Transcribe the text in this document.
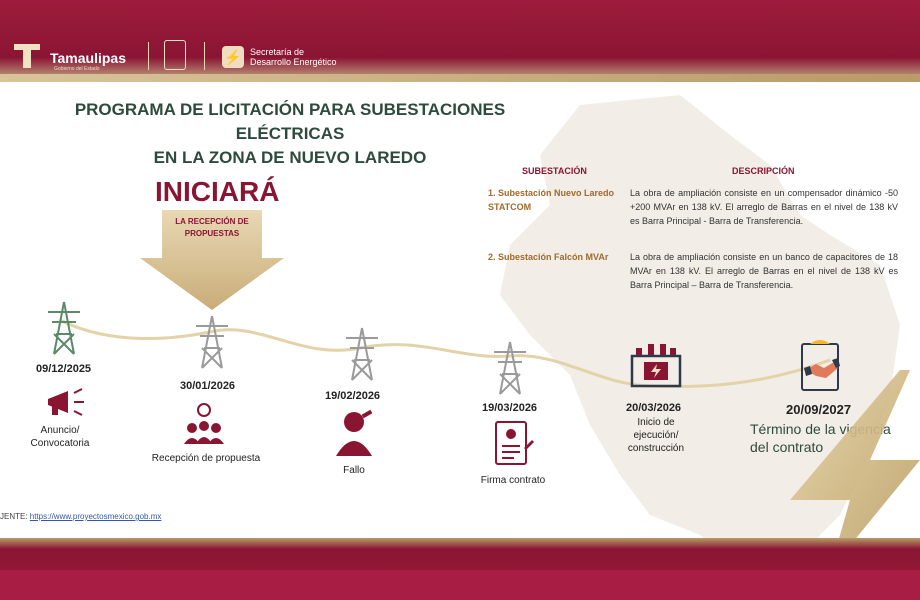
Tamaulipas
Gobierno del Estado
⚡ Secretaría de
Desarrollo Energético
PROGRAMA DE LICITACIÓN PARA SUBESTACIONES ELÉCTRICAS
EN LA ZONA DE NUEVO LAREDO
SUBESTACIÓN	DESCRIPCIÓN
1. Subestación Nuevo Laredo STATCOM
La obra de ampliación consiste en un compensador dinámico -50 +200 MVAr en 138 kV. El arreglo de Barras en el nivel de 138 kV es Barra Principal - Barra de Transferencia.
2. Subestación Falcón MVAr	La obra de ampliación consiste en un banco de capacitores de 18 MVAr en 138 kV. El arreglo de Barras en el nivel de 138 kV es Barra Principal – Barra de Transferencia.
INICIARÁ
LA RECEPCIÓN DE PROPUESTAS
09/12/2025
Anuncio/ Convocatoria
30/01/2026
Recepción de propuesta
19/02/2026
Fallo
19/03/2026
Firma contrato
20/03/2026
Inicio de ejecución/ construcción
20/09/2027
Término de la vigencia del contrato
JENTE: https://www.proyectosmexico.gob.mx
